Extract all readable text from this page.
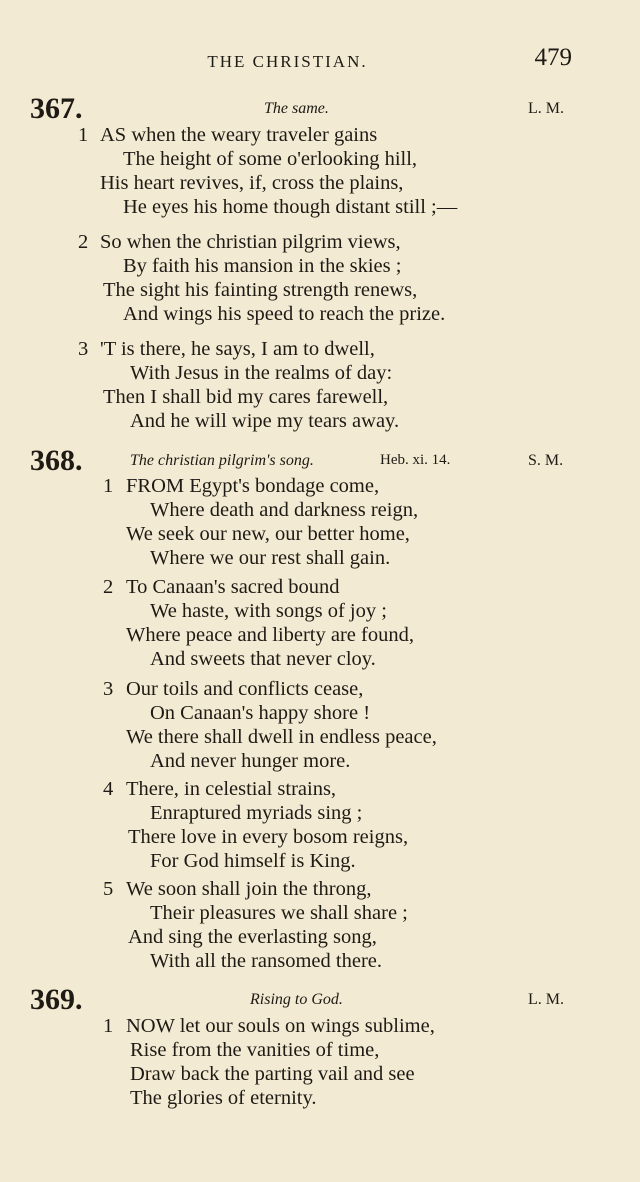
THE CHRISTIAN.	479
367.	The same.	L. M.
1 AS when the weary traveler gains
The height of some o'erlooking hill,
His heart revives, if, cross the plains,
He eyes his home though distant still ;—
2 So when the christian pilgrim views,
By faith his mansion in the skies ;
The sight his fainting strength renews,
And wings his speed to reach the prize.
3 'T is there, he says, I am to dwell,
With Jesus in the realms of day:
Then I shall bid my cares farewell,
And he will wipe my tears away.
368.	The christian pilgrim's song.	Heb. xi. 14.	S. M.
1 FROM Egypt's bondage come,
Where death and darkness reign,
We seek our new, our better home,
Where we our rest shall gain.
2 To Canaan's sacred bound
We haste, with songs of joy ;
Where peace and liberty are found,
And sweets that never cloy.
3 Our toils and conflicts cease,
On Canaan's happy shore !
We there shall dwell in endless peace,
And never hunger more.
4 There, in celestial strains,
Enraptured myriads sing ;
There love in every bosom reigns,
For God himself is King.
5 We soon shall join the throng,
Their pleasures we shall share ;
And sing the everlasting song,
With all the ransomed there.
369.	Rising to God.	L. M.
1 NOW let our souls on wings sublime,
Rise from the vanities of time,
Draw back the parting vail and see
The glories of eternity.
